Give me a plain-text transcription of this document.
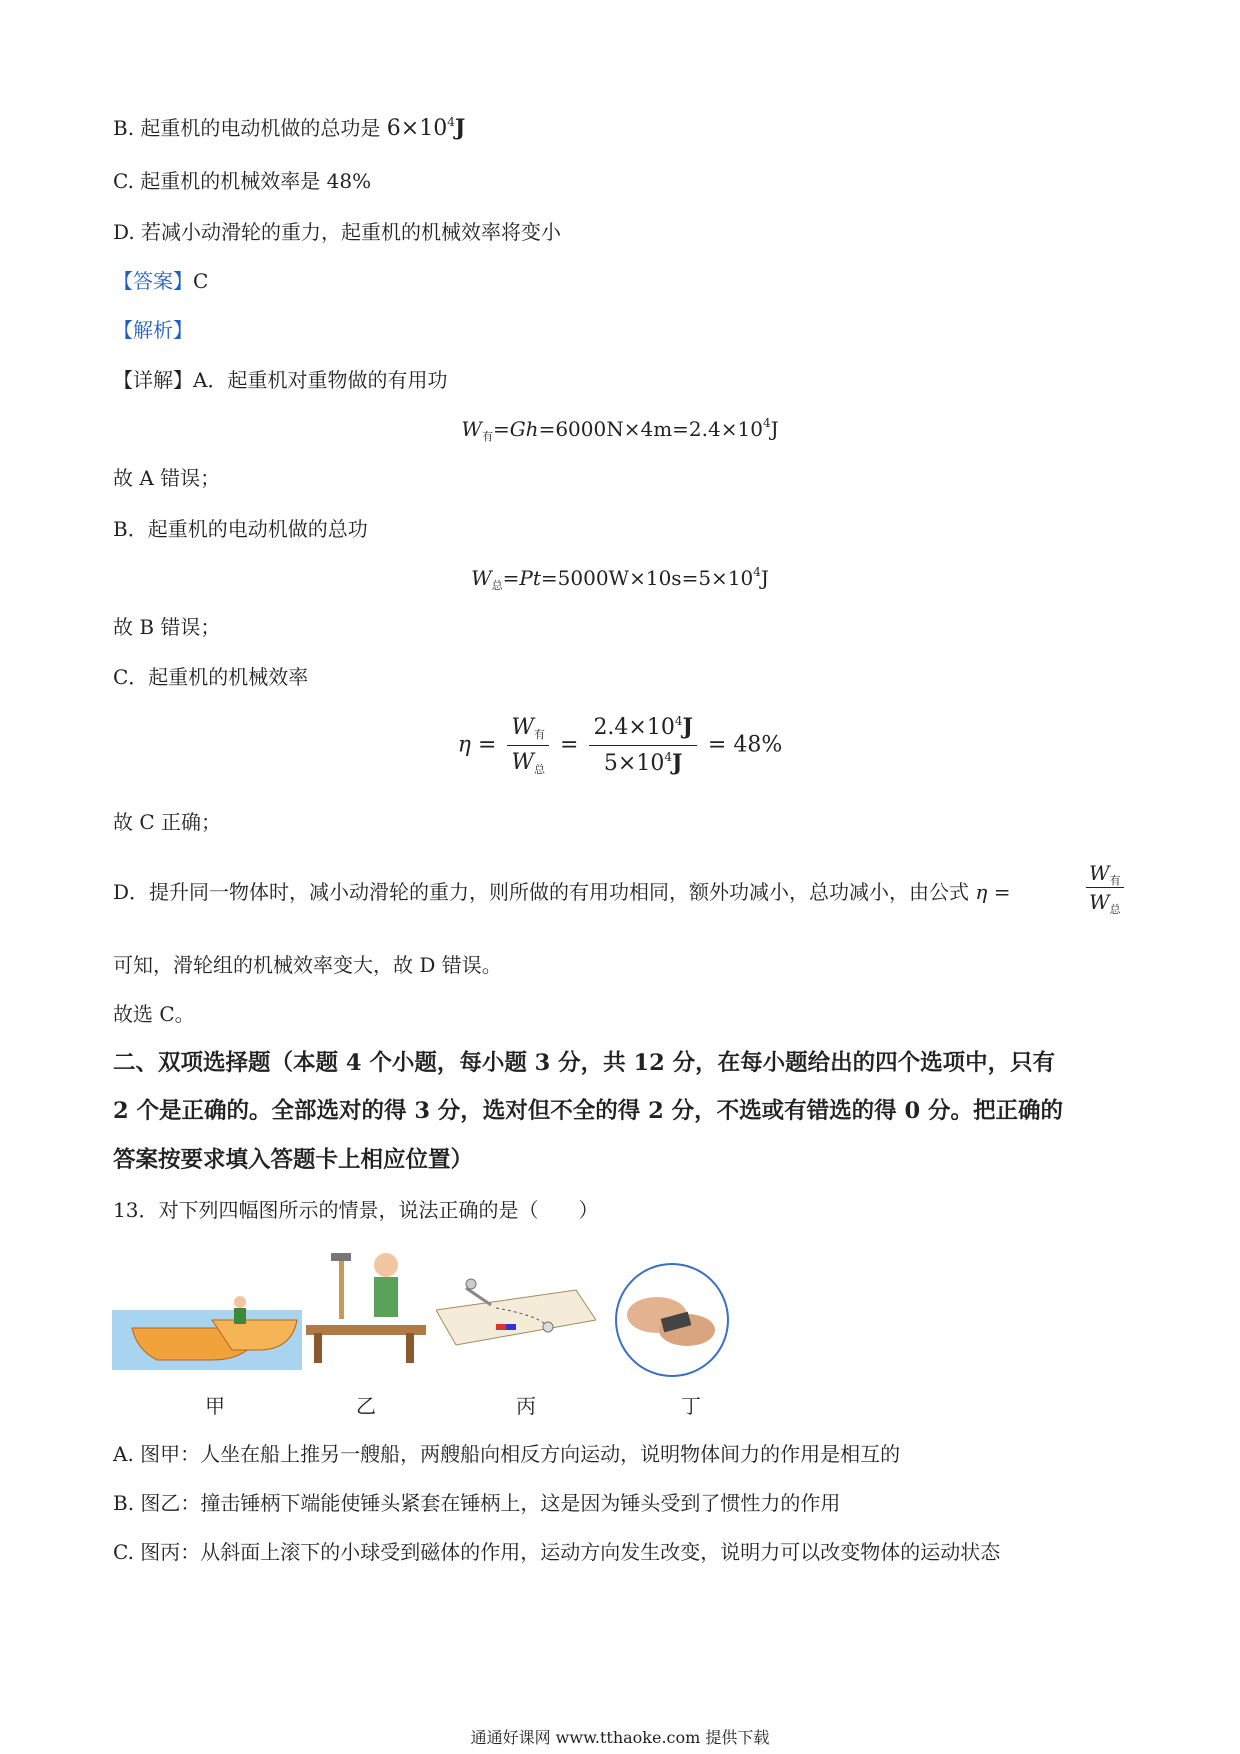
B. 起重机的电动机做的总功是 $6\times 10^4J$
C. 起重机的机械效率是 48%
D. 若减小动滑轮的重力，起重机的机械效率将变小
【答案】C
【解析】
【详解】A．起重机对重物做的有用功
$W_有=Gh=6000N\times 4m=2.4\times 10^4J$
故 A 错误；
B．起重机的电动机做的总功
$W_总=Pt=5000W\times 10s=5\times 10^4J$
故 B 错误；
C．起重机的机械效率
$\eta = \frac{W_有}{W_总} = \frac{2.4\times 10^4J}{5\times 10^4J} = 48\%$
故 C 正确；
D．提升同一物体时，减小动滑轮的重力，则所做的有用功相同，额外功减小，总功减小，由公式 η =
$W_有$
$W_总$
可知，滑轮组的机械效率变大，故 D 错误。
故选 C。
二、双项选择题（本题 4 个小题，每小题 3 分，共 12 分，在每小题给出的四个选项中，只有
2 个是正确的。全部选对的得 3 分，选对但不全的得 2 分，不选或有错选的得 0 分。把正确的
答案按要求填入答题卡上相应位置）
13．对下列四幅图所示的情景，说法正确的是（　　）
甲	乙	丙	丁
A. 图甲：人坐在船上推另一艘船，两艘船向相反方向运动，说明物体间力的作用是相互的
B. 图乙：撞击锤柄下端能使锤头紧套在锤柄上，这是因为锤头受到了惯性力的作用
C. 图丙：从斜面上滚下的小球受到磁体的作用，运动方向发生改变，说明力可以改变物体的运动状态
通通好课网 www.tthaoke.com 提供下载
